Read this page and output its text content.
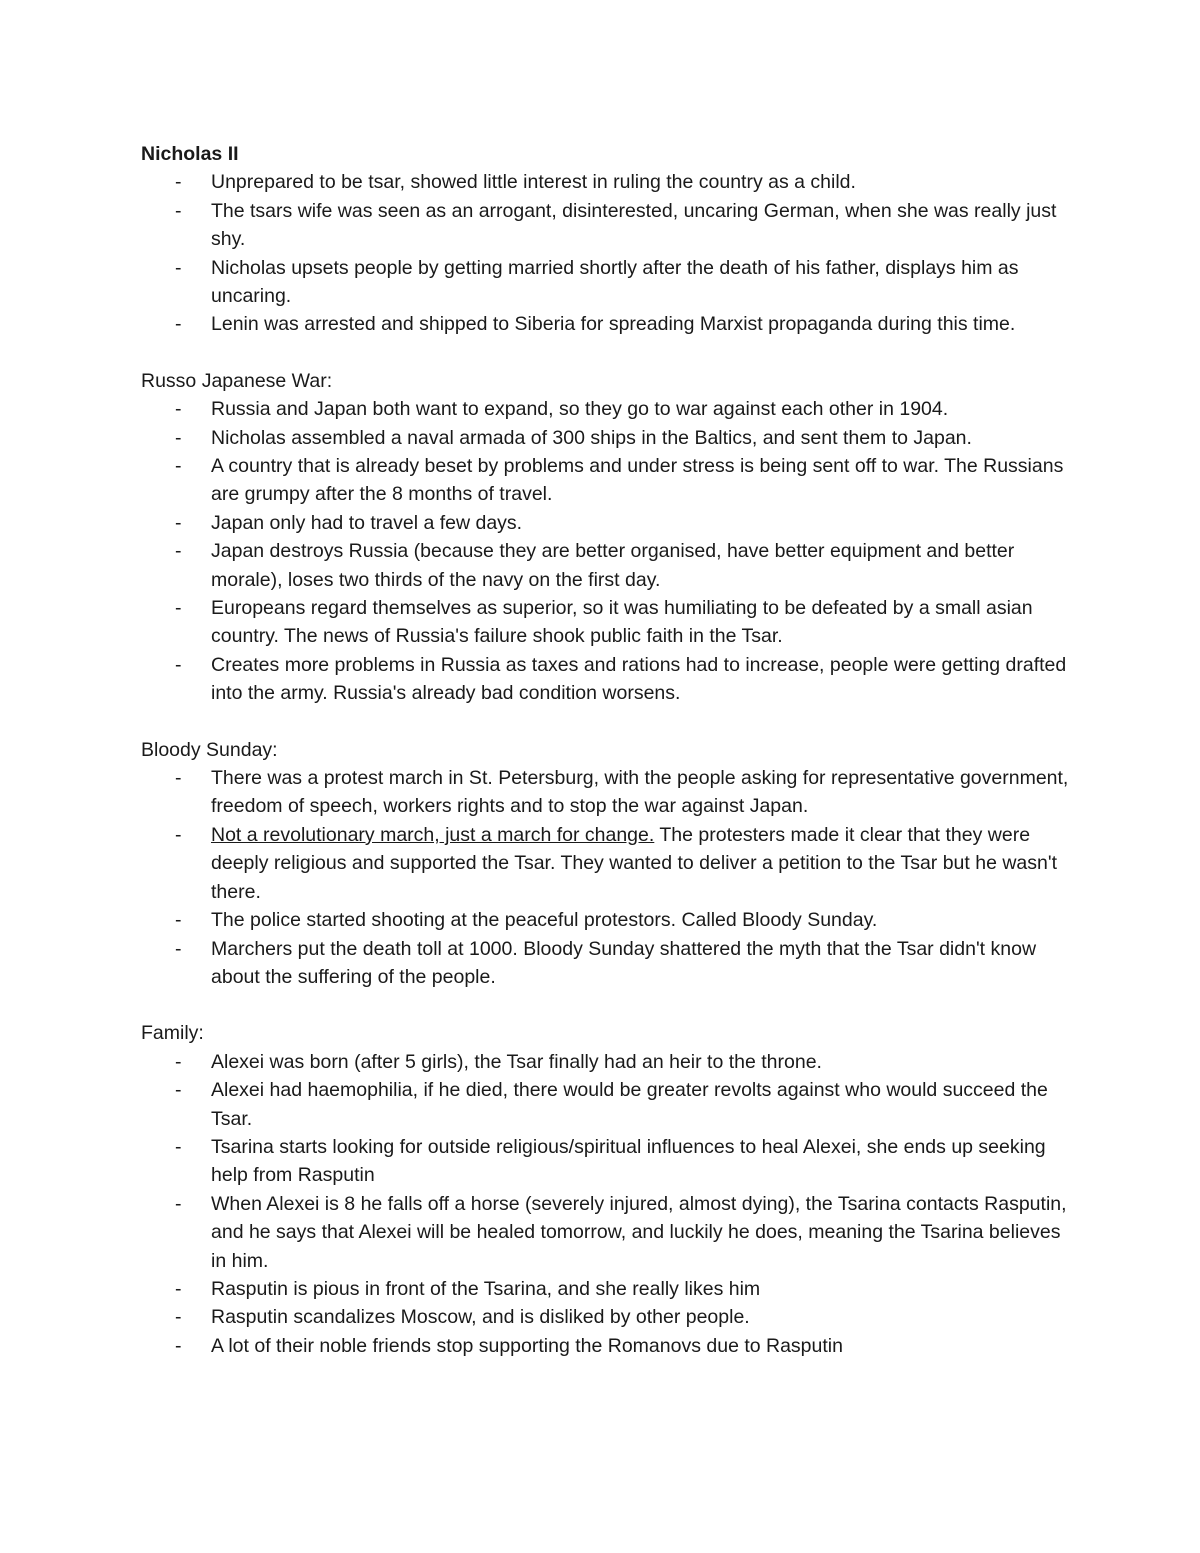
Nicholas II
- Unprepared to be tsar, showed little interest in ruling the country as a child.
- The tsars wife was seen as an arrogant, disinterested, uncaring German, when she was really just shy.
- Nicholas upsets people by getting married shortly after the death of his father, displays him as uncaring.
- Lenin was arrested and shipped to Siberia for spreading Marxist propaganda during this time.
Russo Japanese War:
- Russia and Japan both want to expand, so they go to war against each other in 1904.
- Nicholas assembled a naval armada of 300 ships in the Baltics, and sent them to Japan.
- A country that is already beset by problems and under stress is being sent off to war. The Russians are grumpy after the 8 months of travel.
- Japan only had to travel a few days.
- Japan destroys Russia (because they are better organised, have better equipment and better morale), loses two thirds of the navy on the first day.
- Europeans regard themselves as superior, so it was humiliating to be defeated by a small asian country. The news of Russia's failure shook public faith in the Tsar.
- Creates more problems in Russia as taxes and rations had to increase, people were getting drafted into the army. Russia's already bad condition worsens.
Bloody Sunday:
- There was a protest march in St. Petersburg, with the people asking for representative government, freedom of speech, workers rights and to stop the war against Japan.
- Not a revolutionary march, just a march for change. The protesters made it clear that they were deeply religious and supported the Tsar. They wanted to deliver a petition to the Tsar but he wasn't there.
- The police started shooting at the peaceful protestors. Called Bloody Sunday.
- Marchers put the death toll at 1000. Bloody Sunday shattered the myth that the Tsar didn't know about the suffering of the people.
Family:
- Alexei was born (after 5 girls), the Tsar finally had an heir to the throne.
- Alexei had haemophilia, if he died, there would be greater revolts against who would succeed the Tsar.
- Tsarina starts looking for outside religious/spiritual influences to heal Alexei, she ends up seeking help from Rasputin
- When Alexei is 8 he falls off a horse (severely injured, almost dying), the Tsarina contacts Rasputin, and he says that Alexei will be healed tomorrow, and luckily he does, meaning the Tsarina believes in him.
- Rasputin is pious in front of the Tsarina, and she really likes him
- Rasputin scandalizes Moscow, and is disliked by other people.
- A lot of their noble friends stop supporting the Romanovs due to Rasputin
